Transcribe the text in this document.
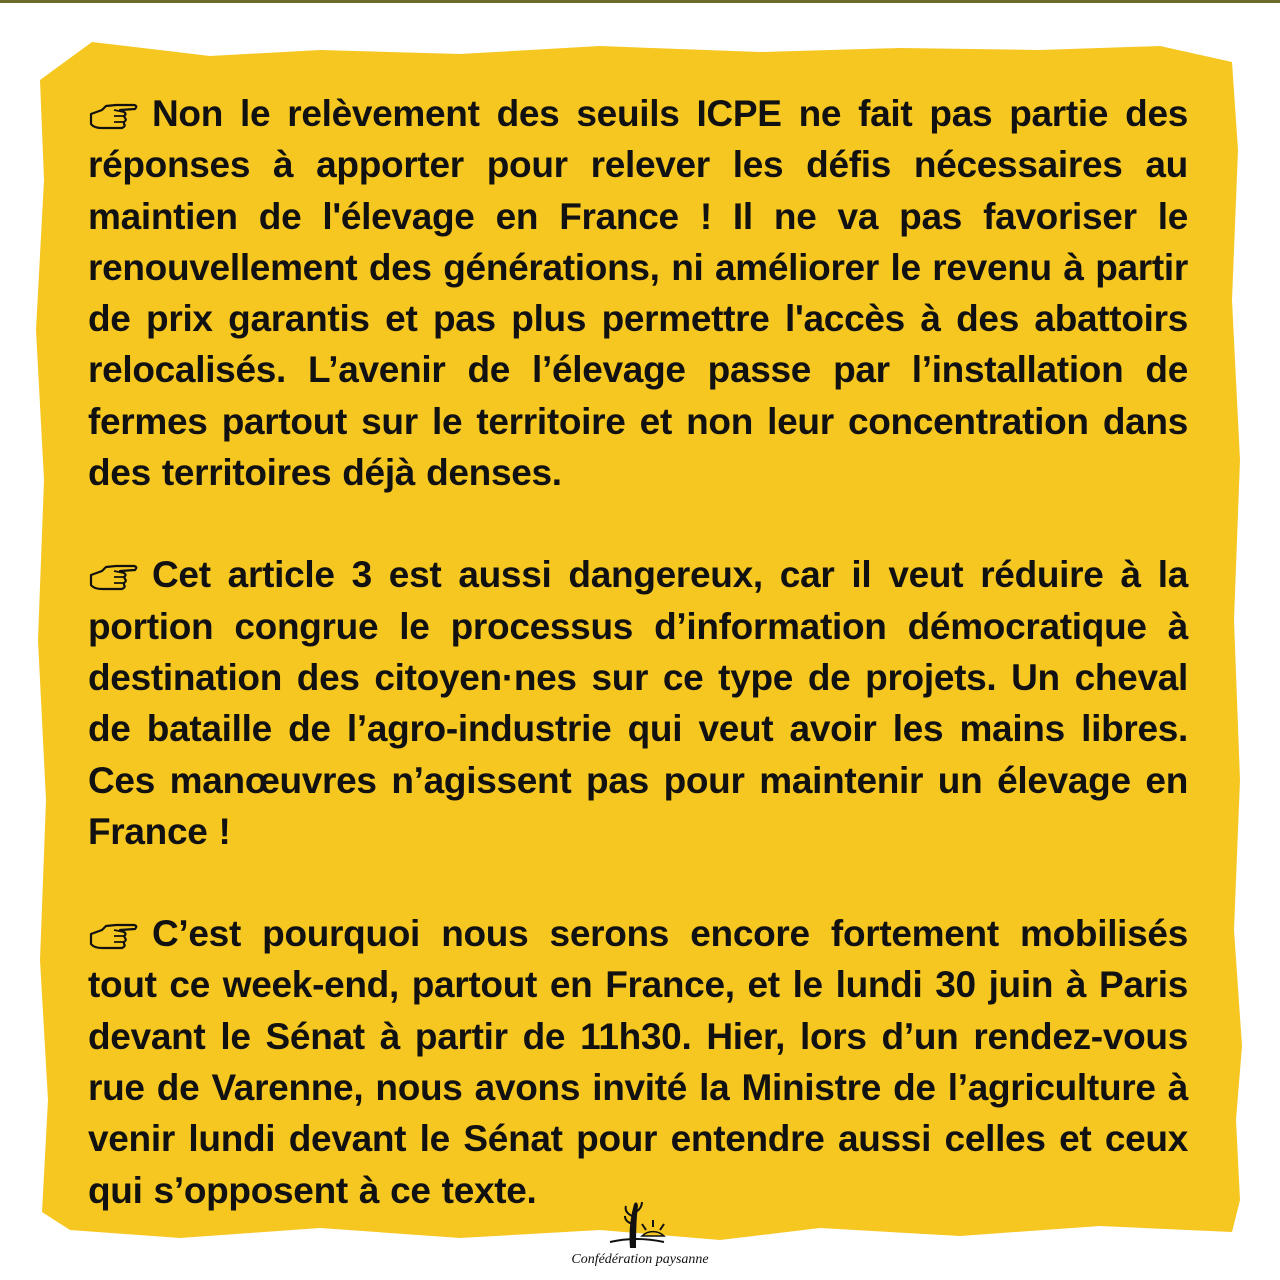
Non le relèvement des seuils ICPE ne fait pas partie des réponses à apporter pour relever les défis nécessaires au maintien de l'élevage en France ! Il ne va pas favoriser le renouvellement des générations, ni améliorer le revenu à partir de prix garantis et pas plus permettre l'accès à des abattoirs relocalisés. L’avenir de l’élevage passe par l’installation de fermes partout sur le territoire et non leur concentration dans des territoires déjà denses.

Cet article 3 est aussi dangereux, car il veut réduire à la portion congrue le processus d’information démocratique à destination des citoyen·nes sur ce type de projets. Un cheval de bataille de l’agro-industrie qui veut avoir les mains libres. Ces manœuvres n’agissent pas pour maintenir un élevage en France !

C’est pourquoi nous serons encore fortement mobilisés tout ce week-end, partout en France, et le lundi 30 juin à Paris devant le Sénat à partir de 11h30. Hier, lors d’un rendez-vous rue de Varenne, nous avons invité la Ministre de l’agriculture à venir lundi devant le Sénat pour entendre aussi celles et ceux qui s’opposent à ce texte.

Confédération paysanne
